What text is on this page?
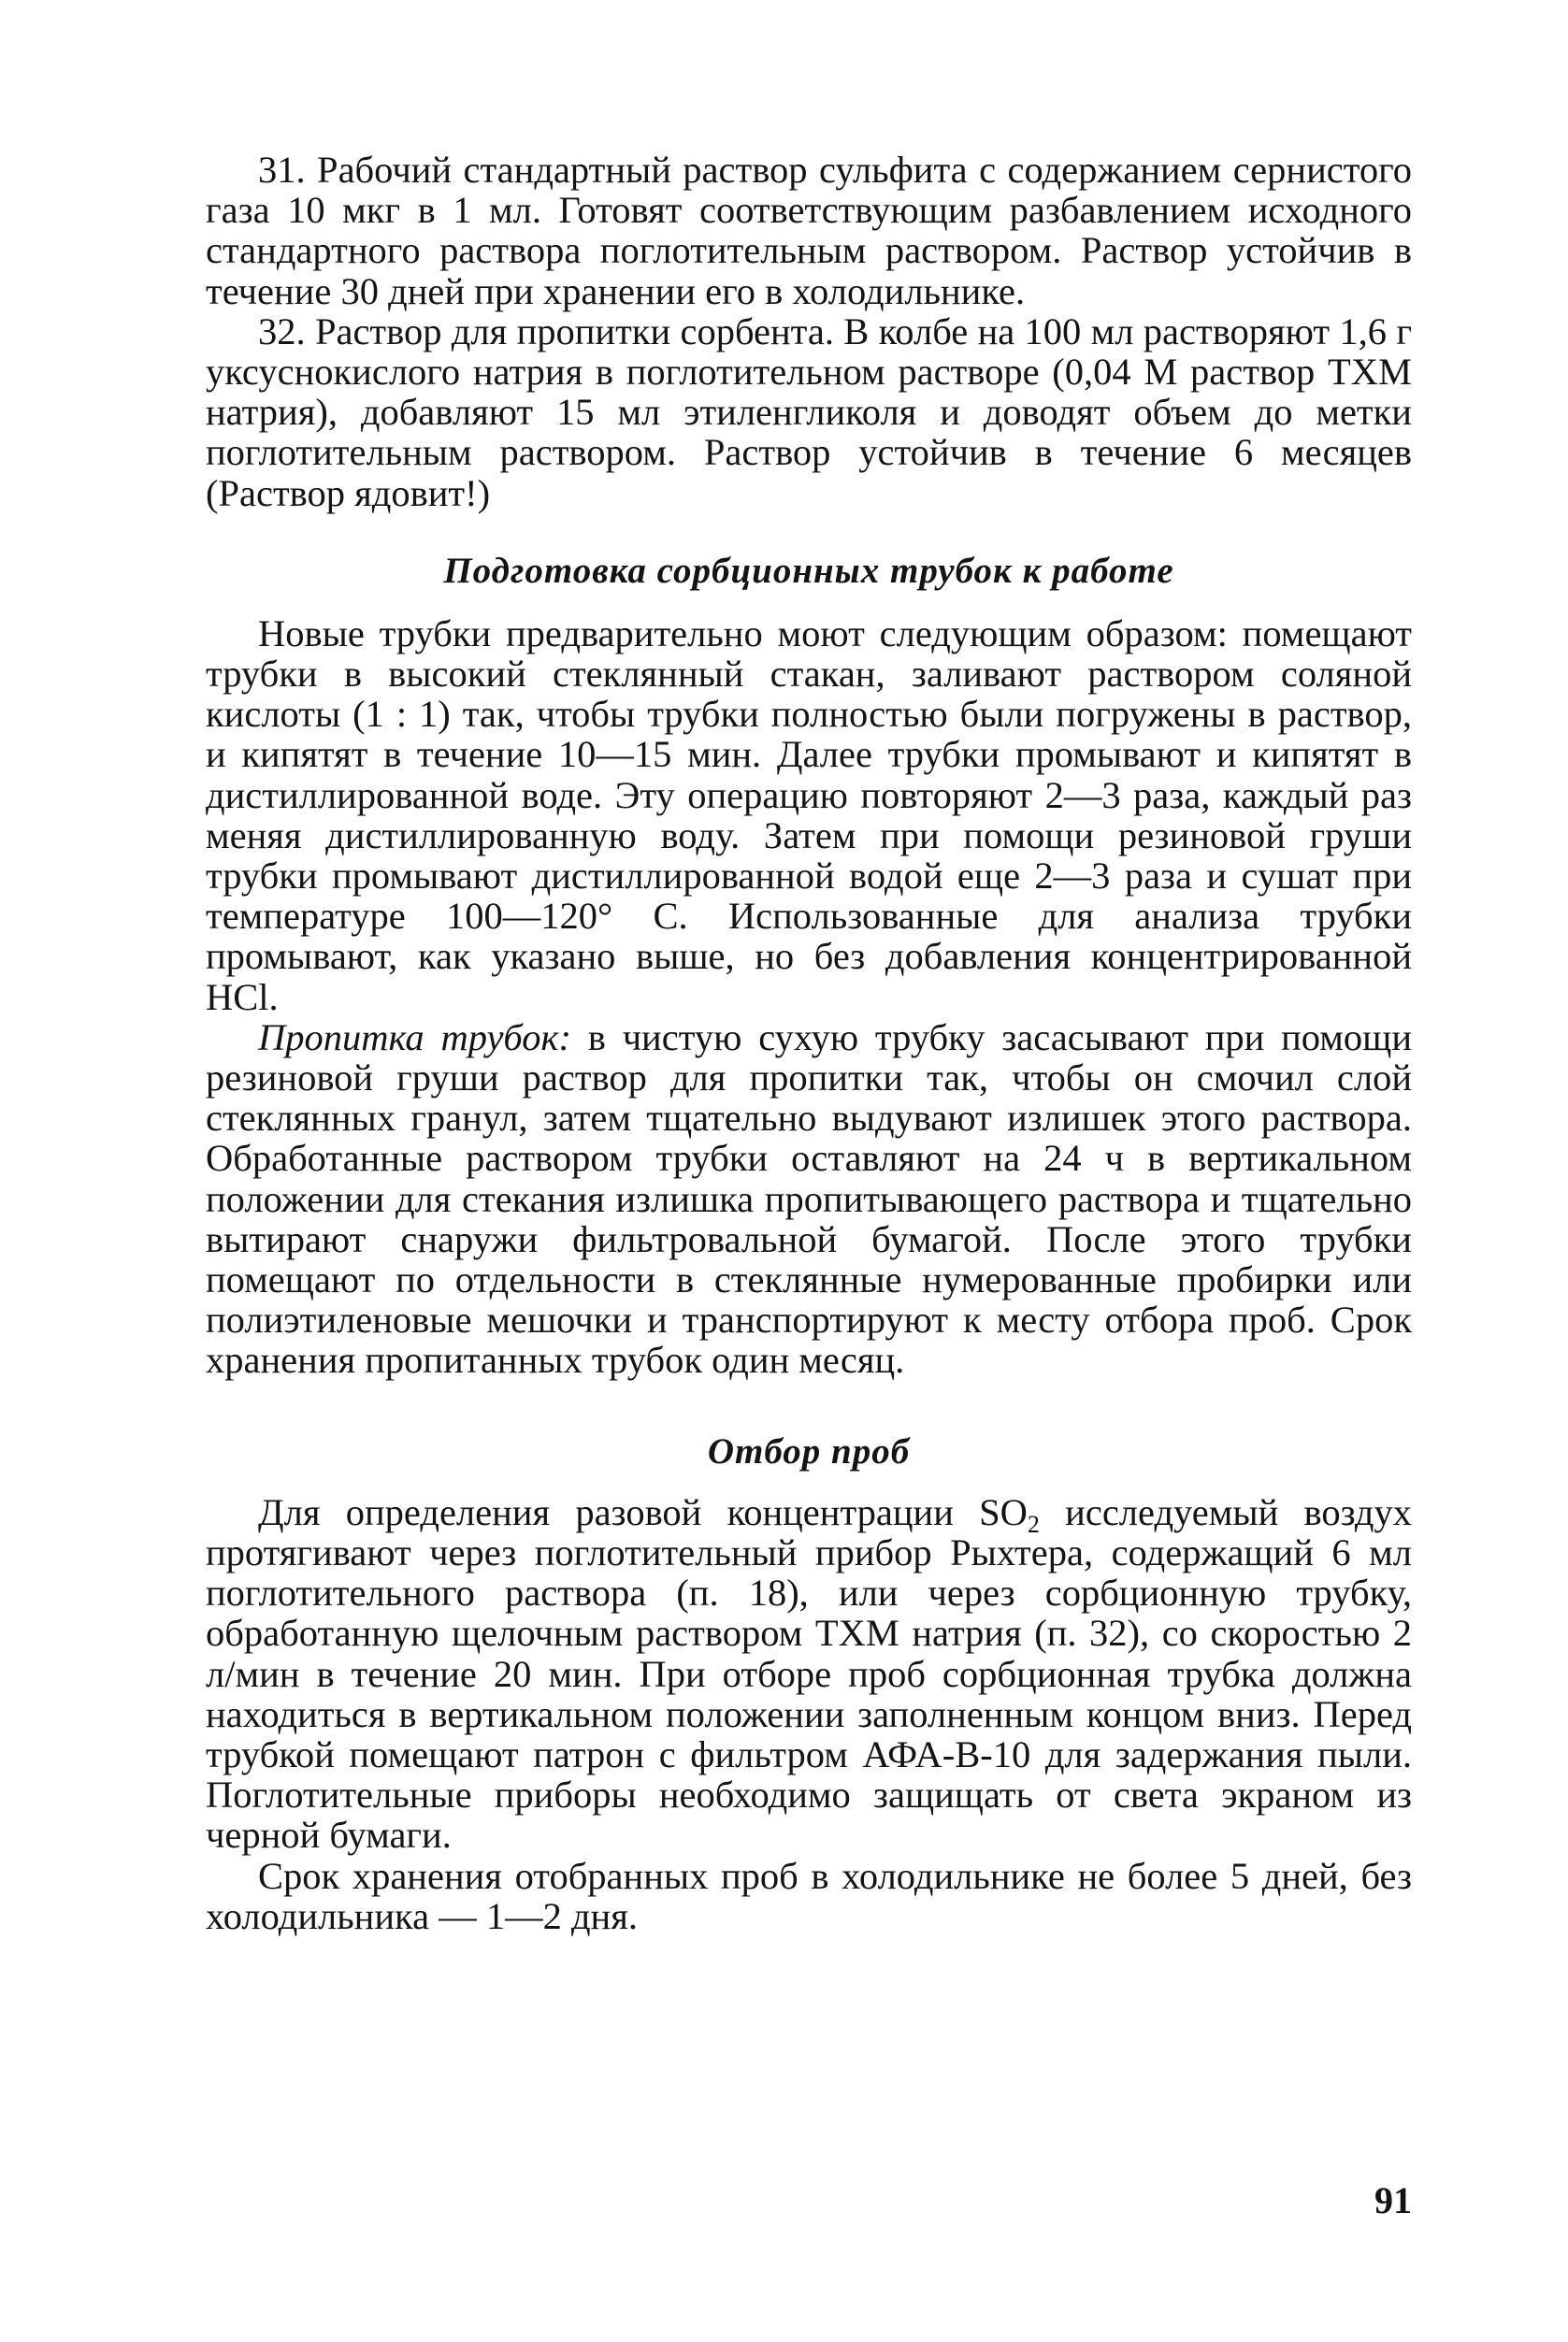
31. Рабочий стандартный раствор сульфита с содержанием сернистого газа 10 мкг в 1 мл. Готовят соответствующим разбавлением исходного стандартного раствора поглотительным раствором. Раствор устойчив в течение 30 дней при хранении его в холодильнике.

32. Раствор для пропитки сорбента. В колбе на 100 мл растворяют 1,6 г уксуснокислого натрия в поглотительном растворе (0,04 М раствор ТХМ натрия), добавляют 15 мл этиленгликоля и доводят объем до метки поглотительным раствором. Раствор устойчив в течение 6 месяцев (Раствор ядовит!)

Подготовка сорбционных трубок к работе

Новые трубки предварительно моют следующим образом: помещают трубки в высокий стеклянный стакан, заливают раствором соляной кислоты (1 : 1) так, чтобы трубки полностью были погружены в раствор, и кипятят в течение 10—15 мин. Далее трубки промывают и кипятят в дистиллированной воде. Эту операцию повторяют 2—3 раза, каждый раз меняя дистиллированную воду. Затем при помощи резиновой груши трубки промывают дистиллированной водой еще 2—3 раза и сушат при температуре 100—120° С. Использованные для анализа трубки промывают, как указано выше, но без добавления концентрированной HCl.

Пропитка трубок: в чистую сухую трубку засасывают при помощи резиновой груши раствор для пропитки так, чтобы он смочил слой стеклянных гранул, затем тщательно выдувают излишек этого раствора. Обработанные раствором трубки оставляют на 24 ч в вертикальном положении для стекания излишка пропитывающего раствора и тщательно вытирают снаружи фильтровальной бумагой. После этого трубки помещают по отдельности в стеклянные нумерованные пробирки или полиэтиленовые мешочки и транспортируют к месту отбора проб. Срок хранения пропитанных трубок один месяц.

Отбор проб

Для определения разовой концентрации $SO_2$ исследуемый воздух протягивают через поглотительный прибор Рыхтера, содержащий 6 мл поглотительного раствора (п. 18), или через сорбционную трубку, обработанную щелочным раствором ТХМ натрия (п. 32), со скоростью 2 л/мин в течение 20 мин. При отборе проб сорбционная трубка должна находиться в вертикальном положении заполненным концом вниз. Перед трубкой помещают патрон с фильтром АФА-В-10 для задержания пыли. Поглотительные приборы необходимо защищать от света экраном из черной бумаги.

Срок хранения отобранных проб в холодильнике не более 5 дней, без холодильника — 1—2 дня.

91
